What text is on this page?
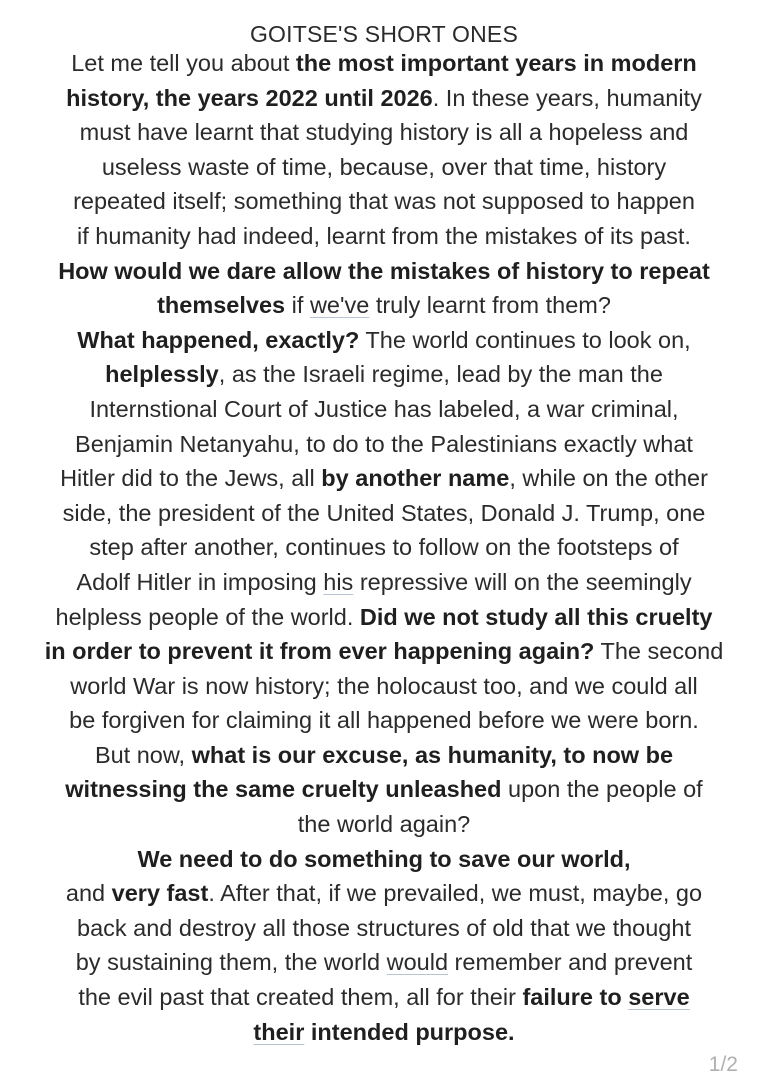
GOITSE'S SHORT ONES
Let me tell you about the most important years in modern
history, the years 2022 until 2026. In these years, humanity
must have learnt that studying history is all a hopeless and
useless waste of time, because, over that time, history
repeated itself; something that was not supposed to happen
if humanity had indeed, learnt from the mistakes of its past.
How would we dare allow the mistakes of history to repeat
themselves if we've truly learnt from them?
What happened, exactly? The world continues to look on,
helplessly, as the Israeli regime, lead by the man the
Internstional Court of Justice has labeled, a war criminal,
Benjamin Netanyahu, to do to the Palestinians exactly what
Hitler did to the Jews, all by another name, while on the other
side, the president of the United States, Donald J. Trump, one
step after another, continues to follow on the footsteps of
Adolf Hitler in imposing his repressive will on the seemingly
helpless people of the world. Did we not study all this cruelty
in order to prevent it from ever happening again? The second
world War is now history; the holocaust too, and we could all
be forgiven for claiming it all happened before we were born.
But now, what is our excuse, as humanity, to now be
witnessing the same cruelty unleashed upon the people of
the world again?
We need to do something to save our world,
and very fast. After that, if we prevailed, we must, maybe, go
back and destroy all those structures of old that we thought
by sustaining them, the world would remember and prevent
the evil past that created them, all for their failure to serve
their intended purpose.
1/2
